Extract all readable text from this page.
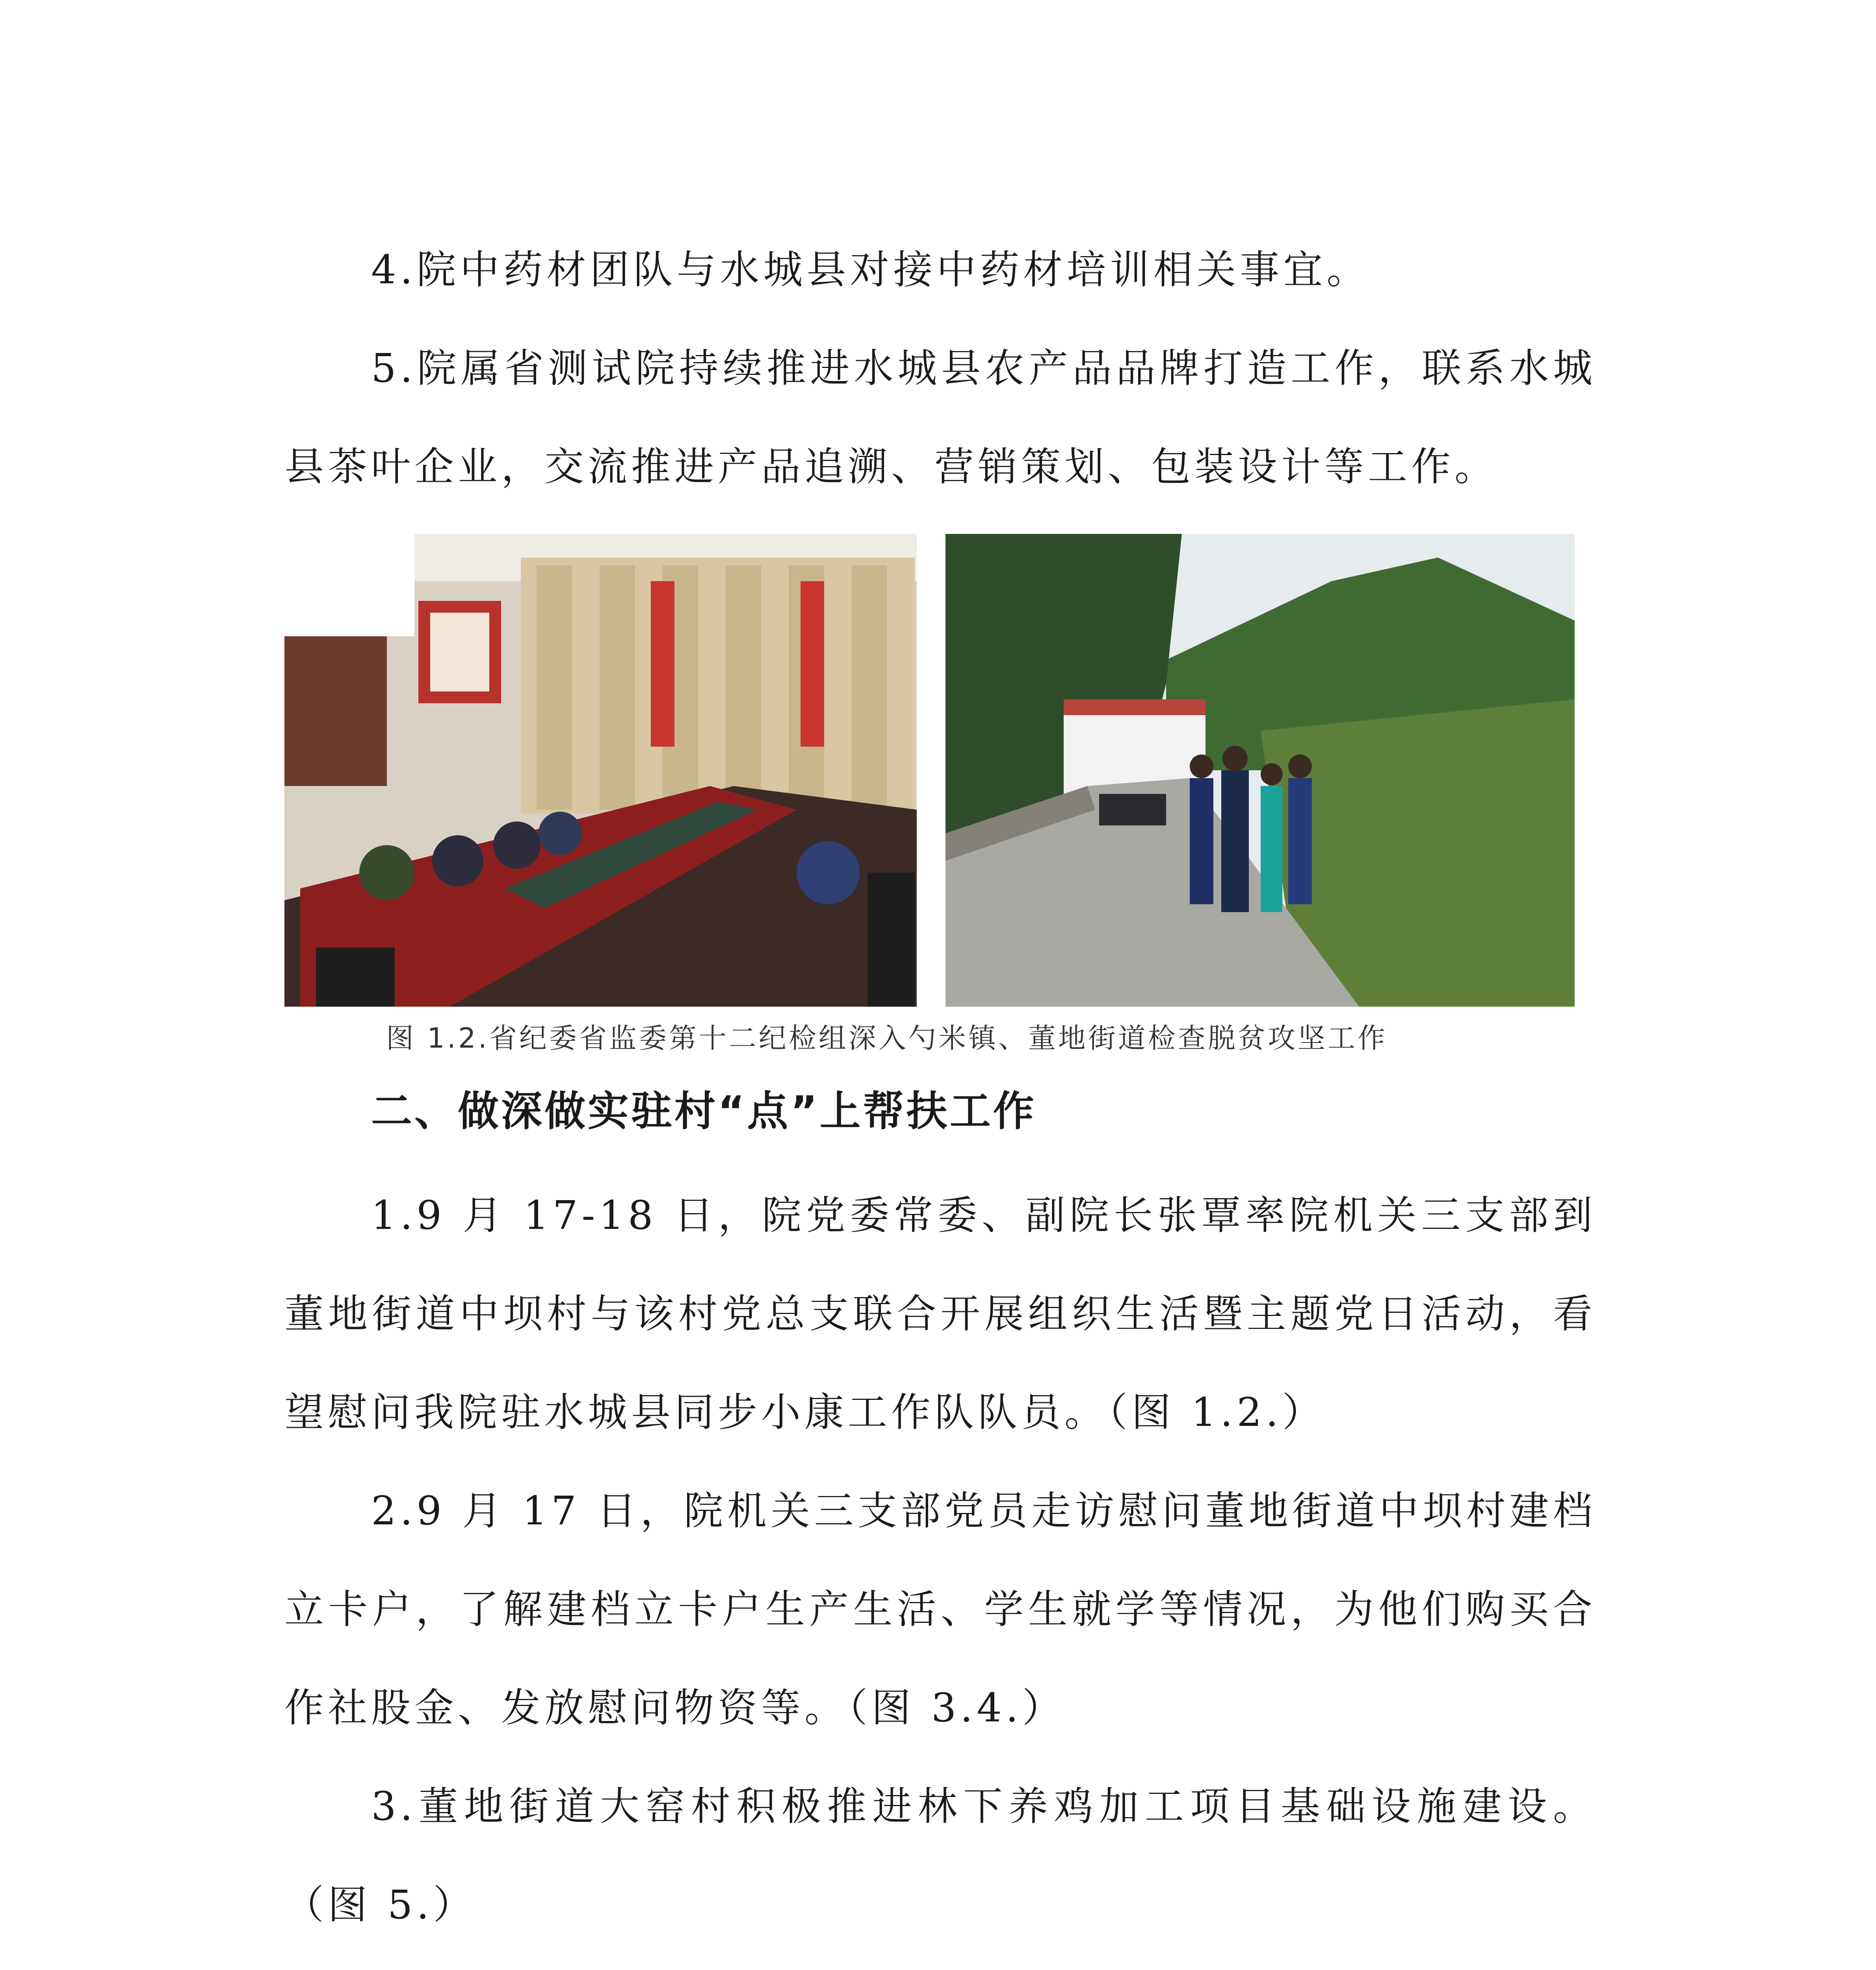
4.院中药材团队与水城县对接中药材培训相关事宜。

5.院属省测试院持续推进水城县农产品品牌打造工作，联系水城县茶叶企业，交流推进产品追溯、营销策划、包装设计等工作。

图 1.2.省纪委省监委第十二纪检组深入勺米镇、董地街道检查脱贫攻坚工作

二、做深做实驻村“点”上帮扶工作

1.9 月 17-18 日，院党委常委、副院长张覃率院机关三支部到董地街道中坝村与该村党总支联合开展组织生活暨主题党日活动，看望慰问我院驻水城县同步小康工作队队员。（图 1.2.）

2.9 月 17 日，院机关三支部党员走访慰问董地街道中坝村建档立卡户，了解建档立卡户生产生活、学生就学等情况，为他们购买合作社股金、发放慰问物资等。（图 3.4.）

3.董地街道大窑村积极推进林下养鸡加工项目基础设施建设。（图 5.）
